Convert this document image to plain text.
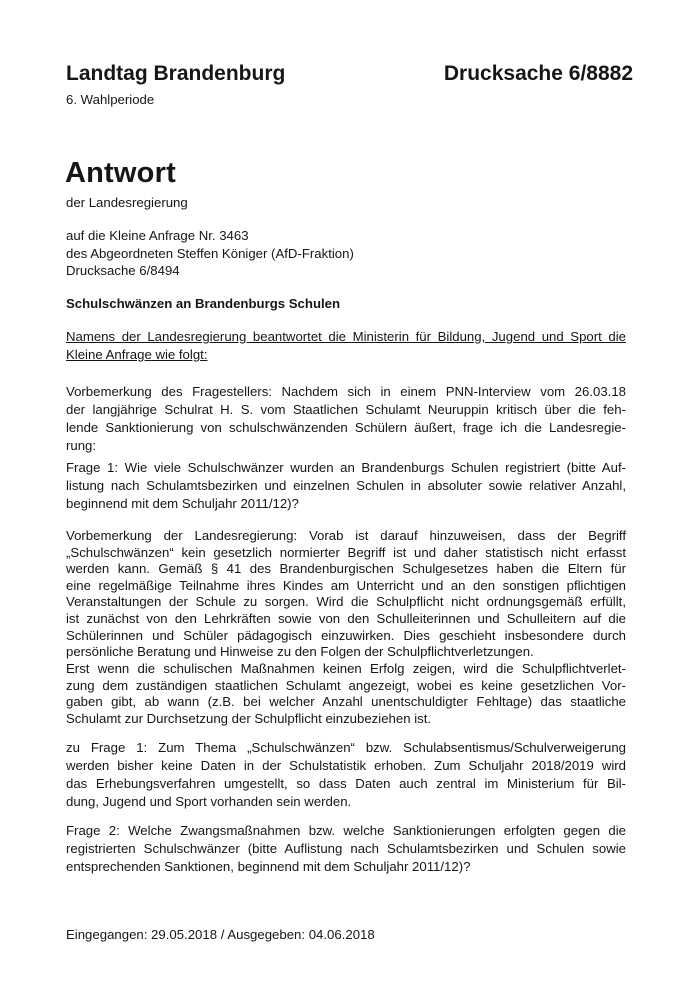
Landtag Brandenburg	Drucksache 6/8882
6. Wahlperiode
Antwort
der Landesregierung
auf die Kleine Anfrage Nr. 3463
des Abgeordneten Steffen Königer (AfD-Fraktion)
Drucksache 6/8494
Schulschwänzen an Brandenburgs Schulen
Namens der Landesregierung beantwortet die Ministerin für Bildung, Jugend und Sport die
Kleine Anfrage wie folgt:
Vorbemerkung des Fragestellers: Nachdem sich in einem PNN-Interview vom 26.03.18
der langjährige Schulrat H. S. vom Staatlichen Schulamt Neuruppin kritisch über die feh-
lende Sanktionierung von schulschwänzenden Schülern äußert, frage ich die Landesregie-
rung:
Frage 1: Wie viele Schulschwänzer wurden an Brandenburgs Schulen registriert (bitte Auf-
listung nach Schulamtsbezirken und einzelnen Schulen in absoluter sowie relativer Anzahl,
beginnend mit dem Schuljahr 2011/12)?
Vorbemerkung der Landesregierung: Vorab ist darauf hinzuweisen, dass der Begriff
„Schulschwänzen“ kein gesetzlich normierter Begriff ist und daher statistisch nicht erfasst
werden kann. Gemäß § 41 des Brandenburgischen Schulgesetzes haben die Eltern für
eine regelmäßige Teilnahme ihres Kindes am Unterricht und an den sonstigen pflichtigen
Veranstaltungen der Schule zu sorgen. Wird die Schulpflicht nicht ordnungsgemäß erfüllt,
ist zunächst von den Lehrkräften sowie von den Schulleiterinnen und Schulleitern auf die
Schülerinnen und Schüler pädagogisch einzuwirken. Dies geschieht insbesondere durch
persönliche Beratung und Hinweise zu den Folgen der Schulpflichtverletzungen.
Erst wenn die schulischen Maßnahmen keinen Erfolg zeigen, wird die Schulpflichtverlet-
zung dem zuständigen staatlichen Schulamt angezeigt, wobei es keine gesetzlichen Vor-
gaben gibt, ab wann (z.B. bei welcher Anzahl unentschuldigter Fehltage) das staatliche
Schulamt zur Durchsetzung der Schulpflicht einzubeziehen ist.
zu Frage 1: Zum Thema „Schulschwänzen“ bzw. Schulabsentismus/Schulverweigerung
werden bisher keine Daten in der Schulstatistik erhoben. Zum Schuljahr 2018/2019 wird
das Erhebungsverfahren umgestellt, so dass Daten auch zentral im Ministerium für Bil-
dung, Jugend und Sport vorhanden sein werden.
Frage 2: Welche Zwangsmaßnahmen bzw. welche Sanktionierungen erfolgten gegen die
registrierten Schulschwänzer (bitte Auflistung nach Schulamtsbezirken und Schulen sowie
entsprechenden Sanktionen, beginnend mit dem Schuljahr 2011/12)?
Eingegangen: 29.05.2018 / Ausgegeben: 04.06.2018
